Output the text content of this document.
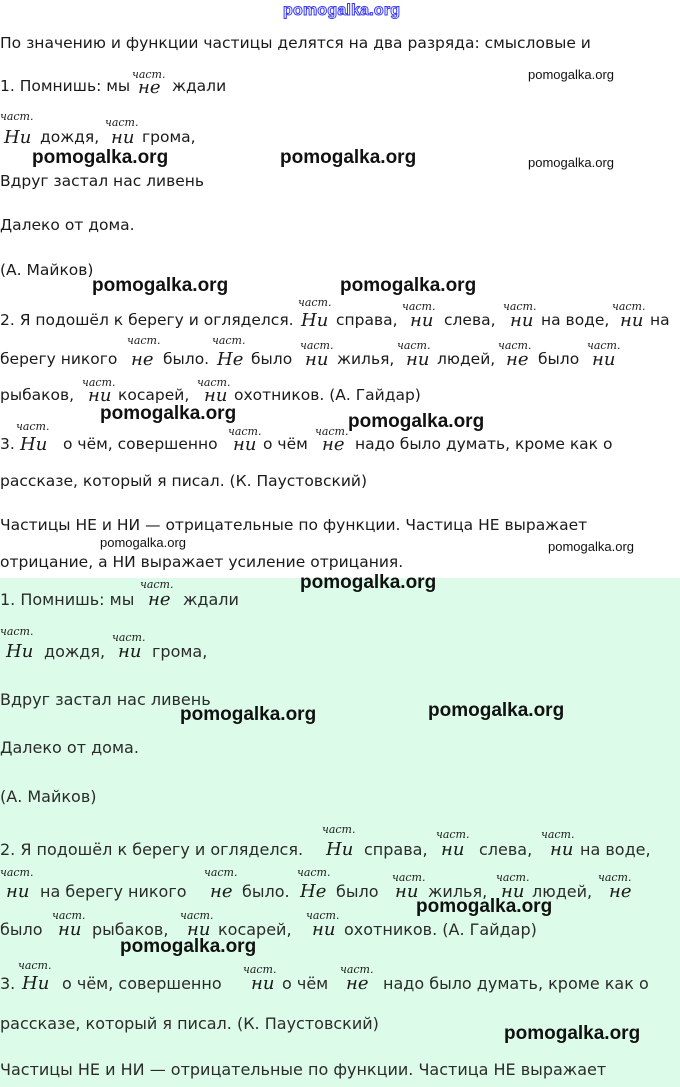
По значению и функции частицы делятся на два разряда: смысловые и
1. Помнишь: мы не ждали
Ни дождя, ни грома,
Вдруг застал нас ливень
Далеко от дома.
(А. Майков)
2. Я подошёл к берегу и огляделся. Ни справа, ни слева, ни на воде, ни на
берегу никого не было. Не было ни жилья, ни людей, не было ни
рыбаков, ни косарей, ни охотников. (А. Гайдар)
3. Ни о чём, совершенно ни о чём не надо было думать, кроме как о
рассказе, который я писал. (К. Паустовский)
Частицы НЕ и НИ — отрицательные по функции. Частица НЕ выражает
отрицание, а НИ выражает усиление отрицания.
част.
част.	част.
част.	част.	част.	част.
част.	част.	част.	част.	част.	част.
част.	част.
част.	част.	част.
1. Помнишь: мы не ждали
Ни дождя, ни грома,
Вдруг застал нас ливень
Далеко от дома.
(А. Майков)
2. Я подошёл к берегу и огляделся. Ни справа, ни слева, ни на воде,
ни на берегу никого не было. Не было ни жилья, ни людей, не
было ни рыбаков, ни косарей, ни охотников. (А. Гайдар)
3. Ни о чём, совершенно ни о чём не надо было думать, кроме как о
рассказе, который я писал. (К. Паустовский)
Частицы НЕ и НИ — отрицательные по функции. Частица НЕ выражает
част.
част.	част.
част.	част.	част.
част.	част.	част.	част.	част.	част.
част.	част.	част.
част.	част.	част.
pomogalka.org
pomogalka.org	pomogalka.org
pomogalka.org	pomogalka.org
pomogalka.org	pomogalka.org
pomogalka.org
pomogalka.org	pomogalka.org
pomogalka.org
pomogalka.org
pomogalka.org
pomogalka.org
pomogalka.org
pomogalka.org	pomogalka.org
